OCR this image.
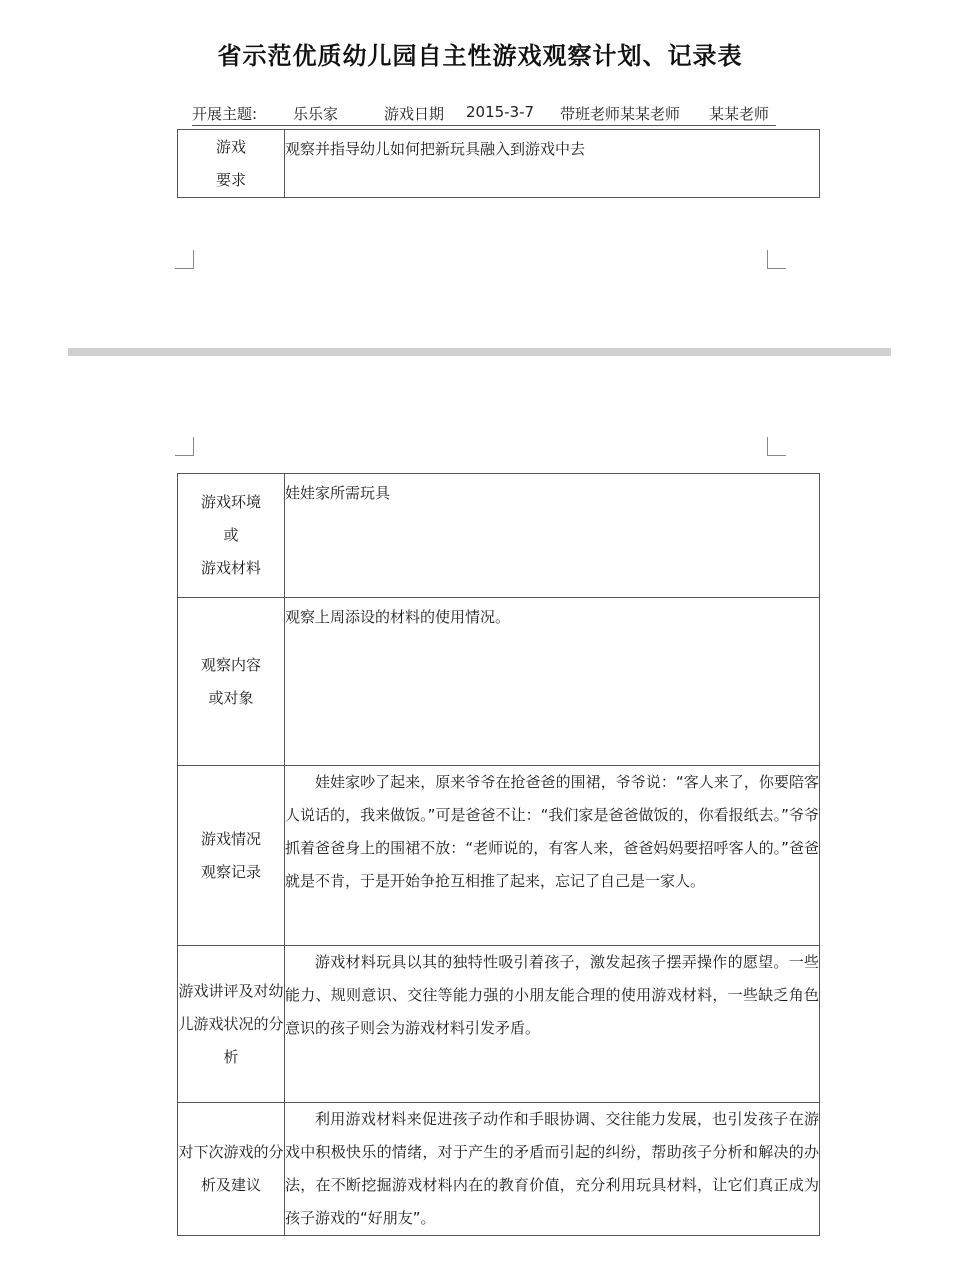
省示范优质幼儿园自主性游戏观察计划、记录表
开展主题: 乐乐家	游戏日期 2015-3-7 带班老师某某老师 某某老师
游戏
要求
	观察并指导幼儿如何把新玩具融入到游戏中去
游戏环境
或
游戏材料	娃娃家所需玩具

观察内容
或对象	观察上周添设的材料的使用情况。

游戏情况
观察记录	娃娃家吵了起来，原来爷爷在抢爸爸的围裙，爷爷说：“客人来了，你要陪客人说话的，我来做饭。”可是爸爸不让：“我们家是爸爸做饭的，你看报纸去。”爷爷抓着爸爸身上的围裙不放：“老师说的，有客人来，爸爸妈妈要招呼客人的。”爸爸就是不肯，于是开始争抢互相推了起来，忘记了自己是一家人。

游戏讲评及对幼儿游戏状况的分析	游戏材料玩具以其的独特性吸引着孩子，激发起孩子摆弄操作的愿望。一些能力、规则意识、交往等能力强的小朋友能合理的使用游戏材料，一些缺乏角色意识的孩子则会为游戏材料引发矛盾。

对下次游戏的分析及建议	利用游戏材料来促进孩子动作和手眼协调、交往能力发展，也引发孩子在游戏中积极快乐的情绪，对于产生的矛盾而引起的纠纷，帮助孩子分析和解决的办法，在不断挖掘游戏材料内在的教育价值，充分利用玩具材料，让它们真正成为孩子游戏的“好朋友”。
